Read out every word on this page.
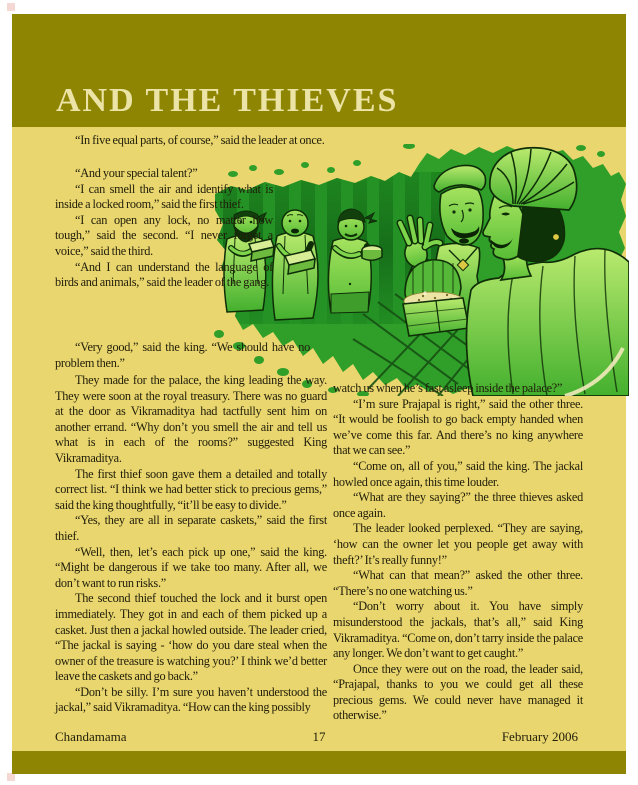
AND THE THIEVES

“In five equal parts, of course,” said the leader at once.

“And your special talent?”

“I can smell the air and identify what is inside a locked room,” said the first thief.

“I can open any lock, no matter how tough,” said the second. “I never forget a voice,” said the third.

“And I can understand the language of birds and animals,” said the leader of the gang.

“Very good,” said the king. “We should have no problem then.”

They made for the palace, the king leading the way. They were soon at the royal treasury. There was no guard at the door as Vikramaditya had tactfully sent him on another errand. “Why don’t you smell the air and tell us what is in each of the rooms?” suggested King Vikramaditya.

The first thief soon gave them a detailed and totally correct list. “I think we had better stick to precious gems,” said the king thoughtfully, “it’ll be easy to divide.”

“Yes, they are all in separate caskets,” said the first thief.

“Well, then, let’s each pick up one,” said the king. “Might be dangerous if we take too many. After all, we don’t want to run risks.”

The second thief touched the lock and it burst open immediately. They got in and each of them picked up a casket. Just then a jackal howled outside. The leader cried, “The jackal is saying - ‘how do you dare steal when the owner of the treasure is watching you?’ I think we’d better leave the caskets and go back.”

“Don’t be silly. I’m sure you haven’t understood the jackal,” said Vikramaditya. “How can the king possibly

watch us when he’s fast asleep inside the palace?”

“I’m sure Prajapal is right,” said the other three. “It would be foolish to go back empty handed when we’ve come this far. And there’s no king anywhere that we can see.”

“Come on, all of you,” said the king. The jackal howled once again, this time louder.

“What are they saying?” the three thieves asked once again.

The leader looked perplexed. “They are saying, ‘how can the owner let you people get away with theft?’ It’s really funny!”

“What can that mean?” asked the other three. “There’s no one watching us.”

“Don’t worry about it. You have simply misunderstood the jackals, that’s all,” said King Vikramaditya. “Come on, don’t tarry inside the palace any longer. We don’t want to get caught.”

Once they were out on the road, the leader said, “Prajapal, thanks to you we could get all these precious gems. We could never have managed it otherwise.”

Chandamama	17	February 2006
